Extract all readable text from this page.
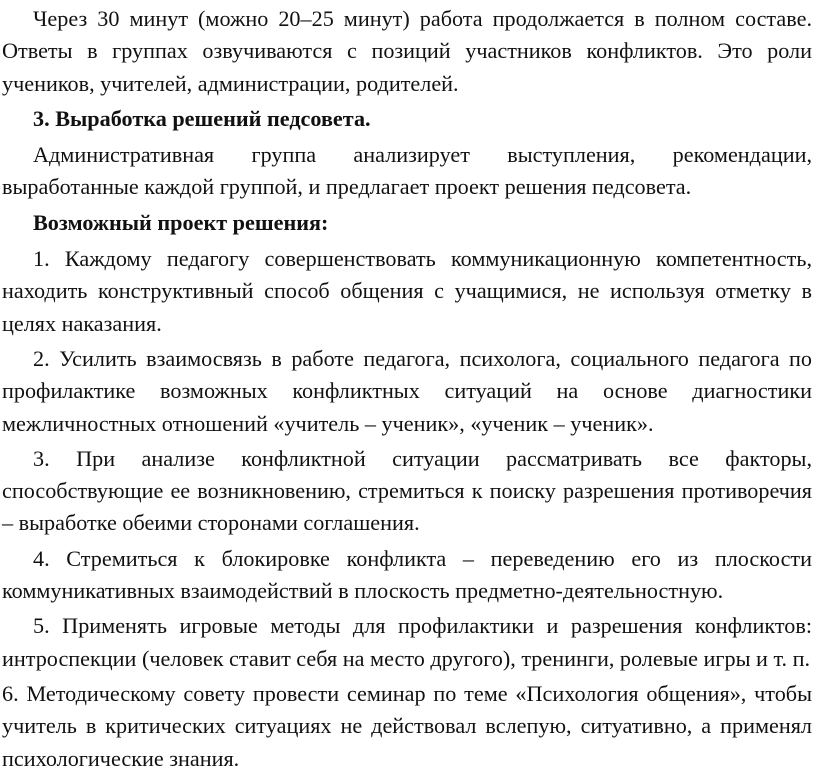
Через 30 минут (можно 20–25 минут) работа продолжается в полном составе. Ответы в группах озвучиваются с позиций участников конфликтов. Это роли учеников, учителей, администрации, родителей.

3. Выработка решений педсовета.

Административная группа анализирует выступления, рекомендации, выработанные каждой группой, и предлагает проект решения педсовета.

Возможный проект решения:

1. Каждому педагогу совершенствовать коммуникационную компетентность, находить конструктивный способ общения с учащимися, не используя отметку в целях наказания.

2. Усилить взаимосвязь в работе педагога, психолога, социального педагога по профилактике возможных конфликтных ситуаций на основе диагностики межличностных отношений «учитель – ученик», «ученик – ученик».

3. При анализе конфликтной ситуации рассматривать все факторы, способствующие ее возникновению, стремиться к поиску разрешения противоречия – выработке обеими сторонами соглашения.

4. Стремиться к блокировке конфликта – переведению его из плоскости коммуникативных взаимодействий в плоскость предметно-деятельностную.

5. Применять игровые методы для профилактики и разрешения конфликтов: интроспекции (человек ставит себя на место другого), тренинги, ролевые игры и т. п.

6. Методическому совету провести семинар по теме «Психология общения», чтобы учитель в критических ситуациях не действовал вслепую, ситуативно, а применял психологические знания.
